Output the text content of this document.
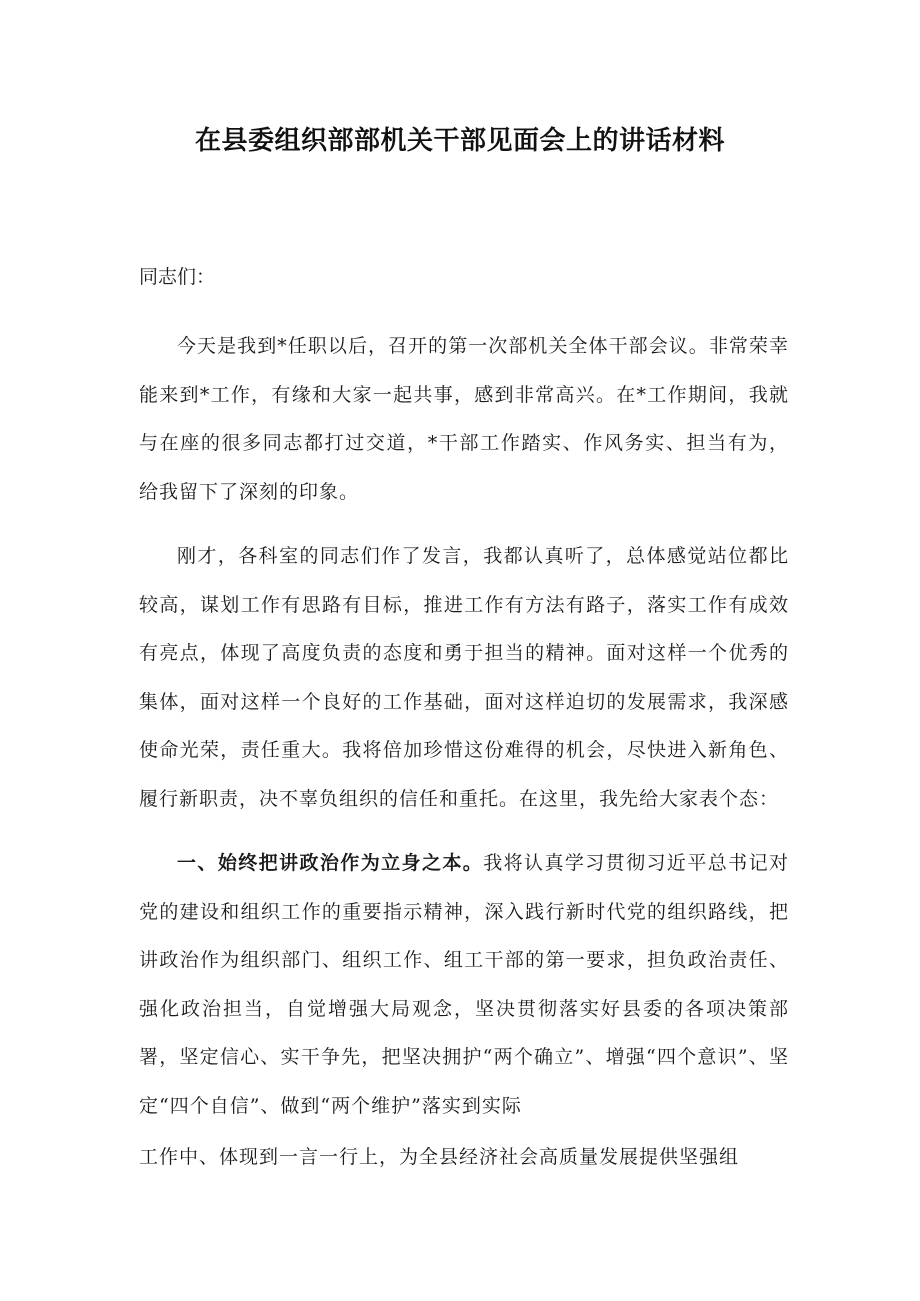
在县委组织部部机关干部见面会上的讲话材料

同志们：

今天是我到*任职以后，召开的第一次部机关全体干部会议。非常荣幸能来到*工作，有缘和大家一起共事，感到非常高兴。在*工作期间，我就与在座的很多同志都打过交道，*干部工作踏实、作风务实、担当有为，给我留下了深刻的印象。

刚才，各科室的同志们作了发言，我都认真听了，总体感觉站位都比较高，谋划工作有思路有目标，推进工作有方法有路子，落实工作有成效有亮点，体现了高度负责的态度和勇于担当的精神。面对这样一个优秀的集体，面对这样一个良好的工作基础，面对这样迫切的发展需求，我深感使命光荣，责任重大。我将倍加珍惜这份难得的机会，尽快进入新角色、履行新职责，决不辜负组织的信任和重托。在这里，我先给大家表个态：

一、始终把讲政治作为立身之本。我将认真学习贯彻习近平总书记对党的建设和组织工作的重要指示精神，深入践行新时代党的组织路线，把讲政治作为组织部门、组织工作、组工干部的第一要求，担负政治责任、强化政治担当，自觉增强大局观念，坚决贯彻落实好县委的各项决策部署，坚定信心、实干争先，把坚决拥护“两个确立”、增强“四个意识”、坚定“四个自信”、做到“两个维护”落实到实际

工作中、体现到一言一行上，为全县经济社会高质量发展提供坚强组
